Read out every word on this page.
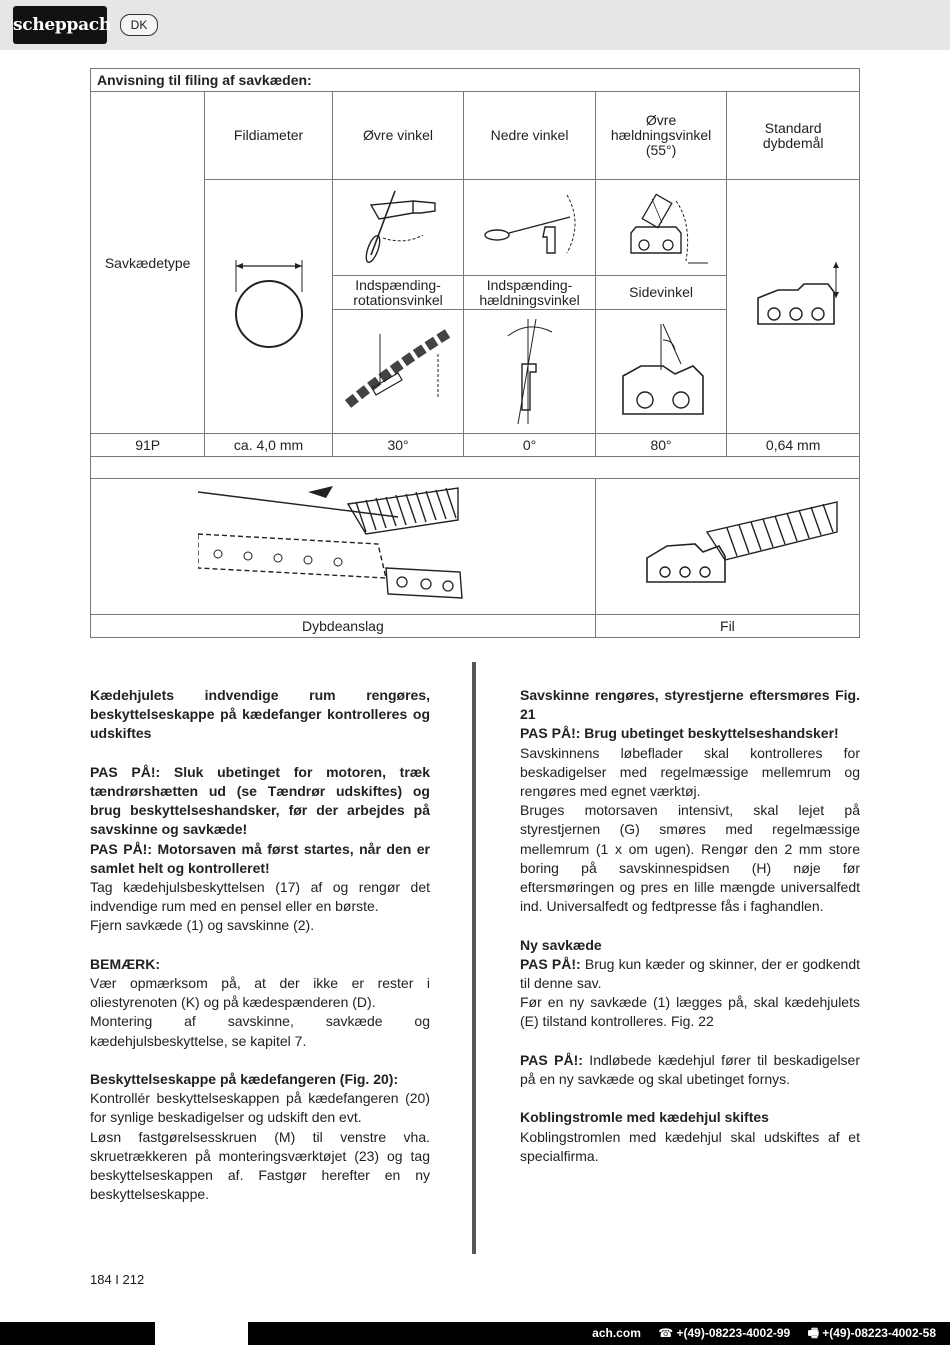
scheppach	DK
Anvisning til filing af savkæden:					
Savkædetype	Fildiameter	Øvre vinkel	Nedre vinkel	Øvre hældningsvinkel (55°)	Standard dybdemål

		Indspænding-rotationsvinkel	Indspænding-hældningsvinkel	Sidevinkel	

91P	ca. 4,0 mm	30°	0°	80°	0,64 mm

Dybdeanslag				Fil	

Kædehjulets indvendige rum rengøres, beskyttelseskappe på kædefanger kontrolleres og udskiftes

PAS PÅ!: Sluk ubetinget for motoren, træk tændrørshætten ud (se Tændrør udskiftes) og brug beskyttelseshandsker, før der arbejdes på savskinne og savkæde!

PAS PÅ!: Motorsaven må først startes, når den er samlet helt og kontrolleret!

Tag kædehjulsbeskyttelsen (17) af og rengør det indvendige rum med en pensel eller en børste.

Fjern savkæde (1) og savskinne (2).

BEMÆRK:

Vær opmærksom på, at der ikke er rester i oliestyrenoten (K) og på kædespænderen (D).

Montering af savskinne, savkæde og kædehjulsbeskyttelse, se kapitel 7.

Beskyttelseskappe på kædefangeren (Fig. 20):

Kontrollér beskyttelseskappen på kædefangeren (20) for synlige beskadigelser og udskift den evt.

Løsn fastgørelsesskruen (M) til venstre vha. skruetrækkeren på monteringsværktøjet (23) og tag beskyttelseskappen af. Fastgør herefter en ny beskyttelseskappe.

Savskinne rengøres, styrestjerne eftersmøres Fig. 21

PAS PÅ!: Brug ubetinget beskyttelseshandsker!

Savskinnens løbeflader skal kontrolleres for beskadigelser med regelmæssige mellemrum og rengøres med egnet værktøj.

Bruges motorsaven intensivt, skal lejet på styrestjernen (G) smøres med regelmæssige mellemrum (1 x om ugen). Rengør den 2 mm store boring på savskinnespidsen (H) nøje før eftersmøringen og pres en lille mængde universalfedt ind. Universalfedt og fedtpresse fås i faghandlen.

Ny savkæde

PAS PÅ!: Brug kun kæder og skinner, der er godkendt til denne sav.

Før en ny savkæde (1) lægges på, skal kædehjulets (E) tilstand kontrolleres. Fig. 22

PAS PÅ!: Indløbede kædehjul fører til beskadigelser på en ny savkæde og skal ubetinget fornys.

Koblingstromle med kædehjul skiftes

Koblingstromlen med kædehjul skal udskiftes af et specialfirma.

184 I 212
ach.com ☎ +(49)-08223-4002-99 🖷 +(49)-08223-4002-58
